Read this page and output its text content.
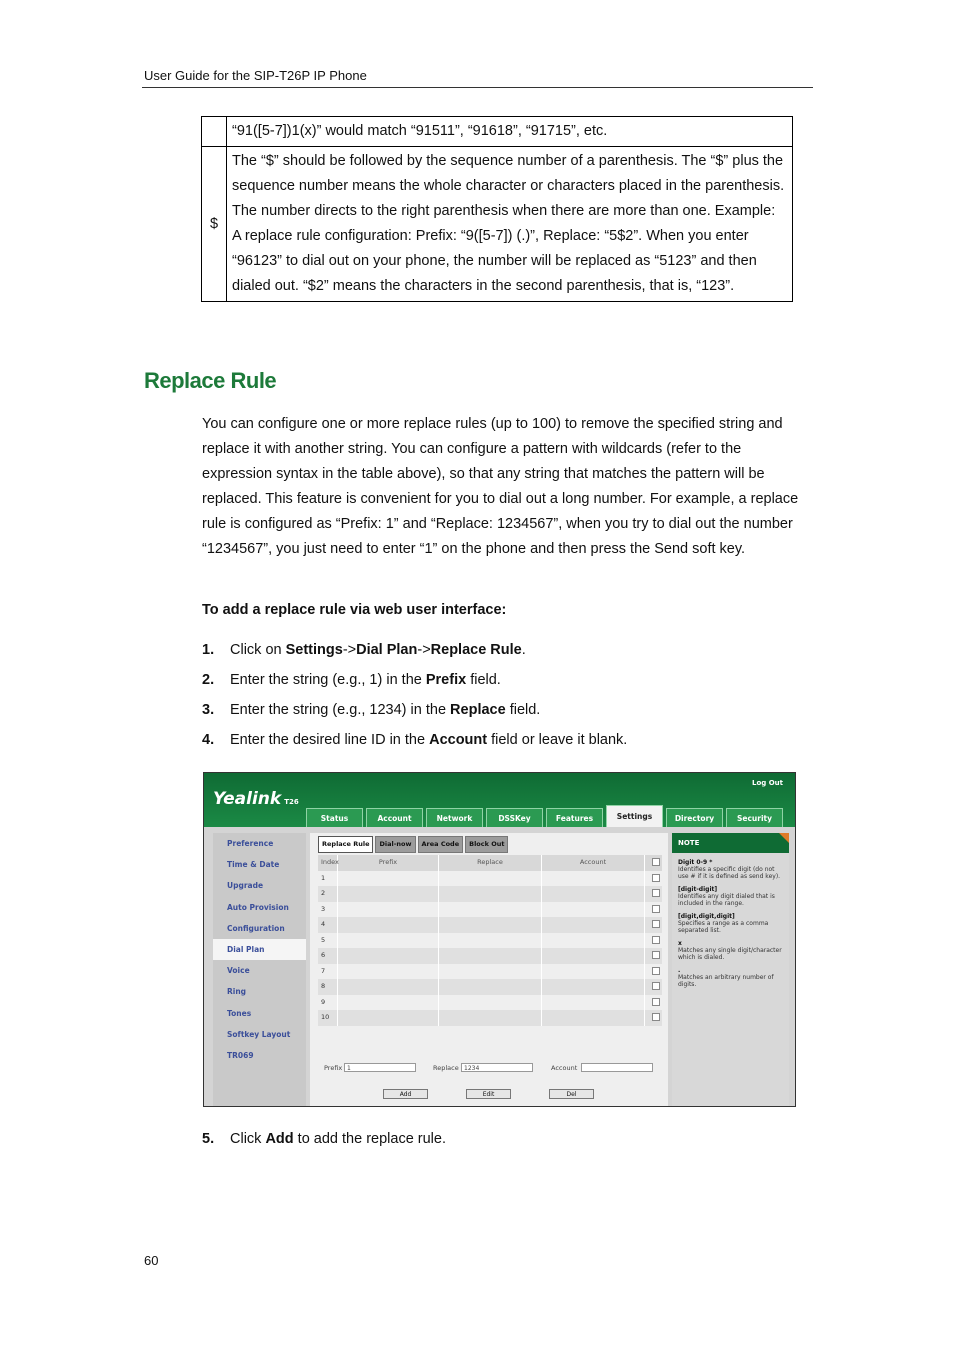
User Guide for the SIP-T26P IP Phone
	“91([5-7])1(x)” would match “91511”, “91618”, “91715”, etc.
$	The “$” should be followed by the sequence number of a parenthesis. The “$” plus the sequence number means the whole character or characters placed in the parenthesis. The number directs to the right parenthesis when there are more than one. Example: A replace rule configuration: Prefix: “9([5-7]) (.)”, Replace: “5$2”. When you enter “96123” to dial out on your phone, the number will be replaced as “5123” and then dialed out. “$2” means the characters in the second parenthesis, that is, “123”.
Replace Rule
You can configure one or more replace rules (up to 100) to remove the specified string and replace it with another string. You can configure a pattern with wildcards (refer to the expression syntax in the table above), so that any string that matches the pattern will be replaced. This feature is convenient for you to dial out a long number. For example, a replace rule is configured as “Prefix: 1” and “Replace: 1234567”, when you try to dial out the number “1234567”, you just need to enter “1” on the phone and then press the Send soft key.
To add a replace rule via web user interface:
1. Click on Settings->Dial Plan->Replace Rule.
2. Enter the string (e.g., 1) in the Prefix field.
3. Enter the string (e.g., 1234) in the Replace field.
4. Enter the desired line ID in the Account field or leave it blank.
Yealink T26
Log Out
Status	Account	Network	DSSKey	Features	Settings	Directory	Security
Preference
Time & Date
Upgrade
Auto Provision
Configuration
Dial Plan
Voice
Ring
Tones
Softkey Layout
TR069
Replace Rule	Dial-now	Area Code	Block Out
Index	Prefix	Replace	Account
1
2
3
4
5
6
7
8
9
10
Prefix 1	Replace 1234	Account
Add	Edit	Del
NOTE
Digit 0-9 *
Identifies a specific digit (do not use # if it is defined as send key).
[digit-digit]
Identifies any digit dialed that is included in the range.
[digit,digit,digit]
Specifies a range as a comma separated list.
x
Matches any single digit/character which is dialed.
.
Matches an arbitrary number of digits.
5. Click Add to add the replace rule.
60
